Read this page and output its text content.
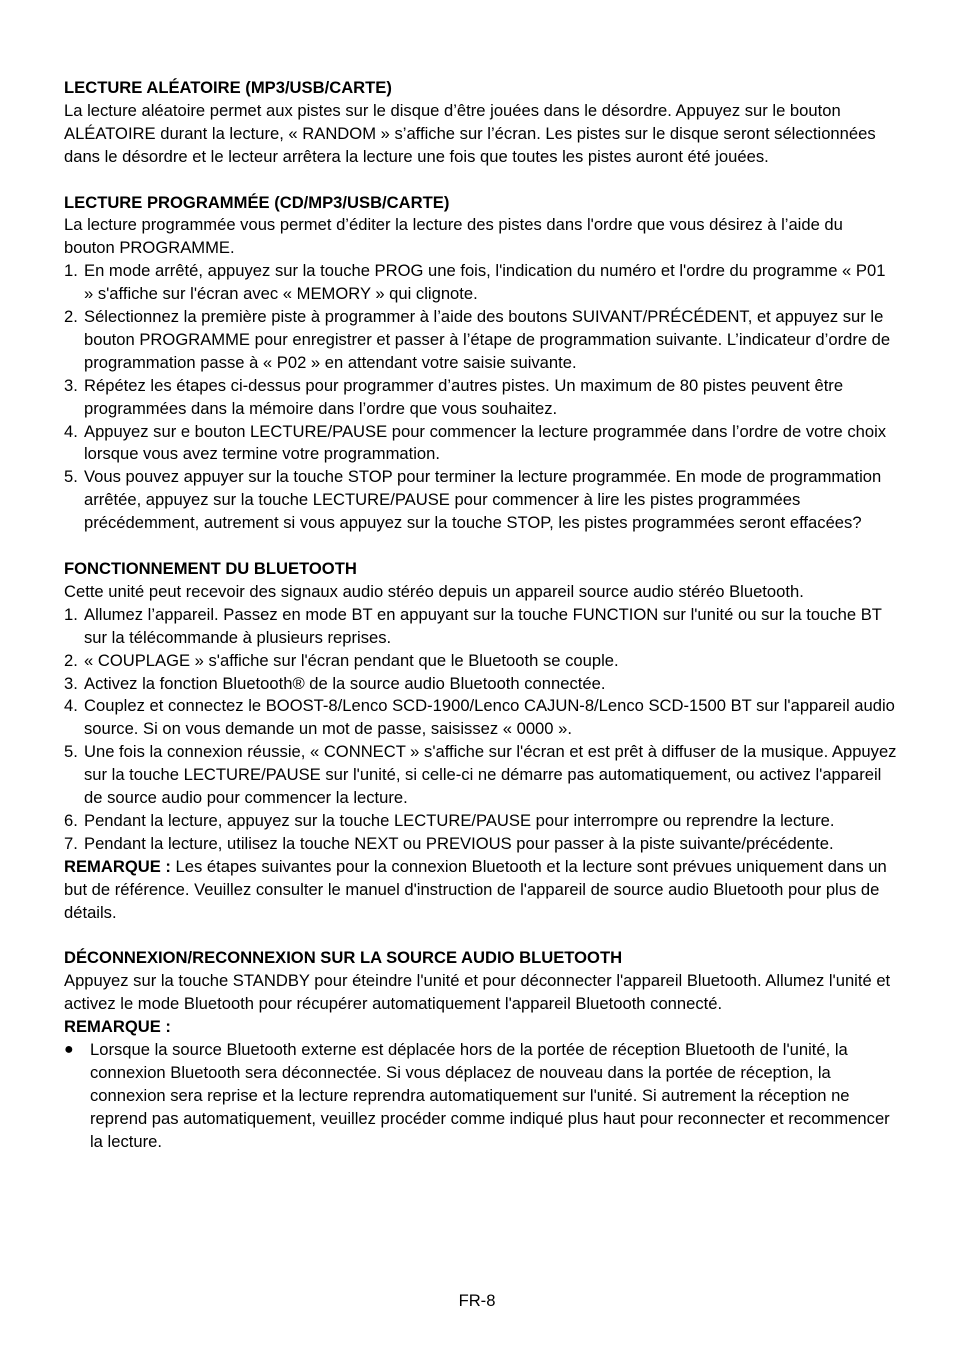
LECTURE ALÉATOIRE (MP3/USB/CARTE)

La lecture aléatoire permet aux pistes sur le disque d’être jouées dans le désordre. Appuyez sur le bouton ALÉATOIRE durant la lecture, « RANDOM » s’affiche sur l’écran. Les pistes sur le disque seront sélectionnées dans le désordre et le lecteur arrêtera la lecture une fois que toutes les pistes auront été jouées.

LECTURE PROGRAMMÉE (CD/MP3/USB/CARTE)

La lecture programmée vous permet d’éditer la lecture des pistes dans l'ordre que vous désirez à l’aide du bouton PROGRAMME.

1. En mode arrêté, appuyez sur la touche PROG une fois, l'indication du numéro et l'ordre du programme « P01 » s'affiche sur l'écran avec « MEMORY » qui clignote.
2. Sélectionnez la première piste à programmer à l’aide des boutons SUIVANT/PRÉCÉDENT, et appuyez sur le bouton PROGRAMME pour enregistrer et passer à l’étape de programmation suivante. L’indicateur d’ordre de programmation passe à « P02 » en attendant votre saisie suivante.
3. Répétez les étapes ci-dessus pour programmer d’autres pistes. Un maximum de 80 pistes peuvent être programmées dans la mémoire dans l’ordre que vous souhaitez.
4. Appuyez sur e bouton LECTURE/PAUSE pour commencer la lecture programmée dans l’ordre de votre choix lorsque vous avez termine votre programmation.
5. Vous pouvez appuyer sur la touche STOP pour terminer la lecture programmée. En mode de programmation arrêtée, appuyez sur la touche LECTURE/PAUSE pour commencer à lire les pistes programmées précédemment, autrement si vous appuyez sur la touche STOP, les pistes programmées seront effacées?

FONCTIONNEMENT DU BLUETOOTH

Cette unité peut recevoir des signaux audio stéréo depuis un appareil source audio stéréo Bluetooth.

1. Allumez l’appareil. Passez en mode BT en appuyant sur la touche FUNCTION sur l'unité ou sur la touche BT sur la télécommande à plusieurs reprises.
2. « COUPLAGE » s'affiche sur l'écran pendant que le Bluetooth se couple.
3. Activez la fonction Bluetooth® de la source audio Bluetooth connectée.
4. Couplez et connectez le BOOST-8/Lenco SCD-1900/Lenco CAJUN-8/Lenco SCD-1500 BT sur l'appareil audio source. Si on vous demande un mot de passe, saisissez « 0000 ».
5. Une fois la connexion réussie, « CONNECT » s'affiche sur l'écran et est prêt à diffuser de la musique. Appuyez sur la touche LECTURE/PAUSE sur l'unité, si celle-ci ne démarre pas automatiquement, ou activez l'appareil de source audio pour commencer la lecture.
6. Pendant la lecture, appuyez sur la touche LECTURE/PAUSE pour interrompre ou reprendre la lecture.
7. Pendant la lecture, utilisez la touche NEXT ou PREVIOUS pour passer à la piste suivante/précédente.

REMARQUE : Les étapes suivantes pour la connexion Bluetooth et la lecture sont prévues uniquement dans un but de référence. Veuillez consulter le manuel d'instruction de l'appareil de source audio Bluetooth pour plus de détails.

DÉCONNEXION/RECONNEXION SUR LA SOURCE AUDIO BLUETOOTH

Appuyez sur la touche STANDBY pour éteindre l'unité et pour déconnecter l'appareil Bluetooth. Allumez l'unité et activez le mode Bluetooth pour récupérer automatiquement l'appareil Bluetooth connecté.

REMARQUE :

● Lorsque la source Bluetooth externe est déplacée hors de la portée de réception Bluetooth de l'unité, la connexion Bluetooth sera déconnectée. Si vous déplacez de nouveau dans la portée de réception, la connexion sera reprise et la lecture reprendra automatiquement sur l'unité. Si autrement la réception ne reprend pas automatiquement, veuillez procéder comme indiqué plus haut pour reconnecter et recommencer la lecture.
FR-8
